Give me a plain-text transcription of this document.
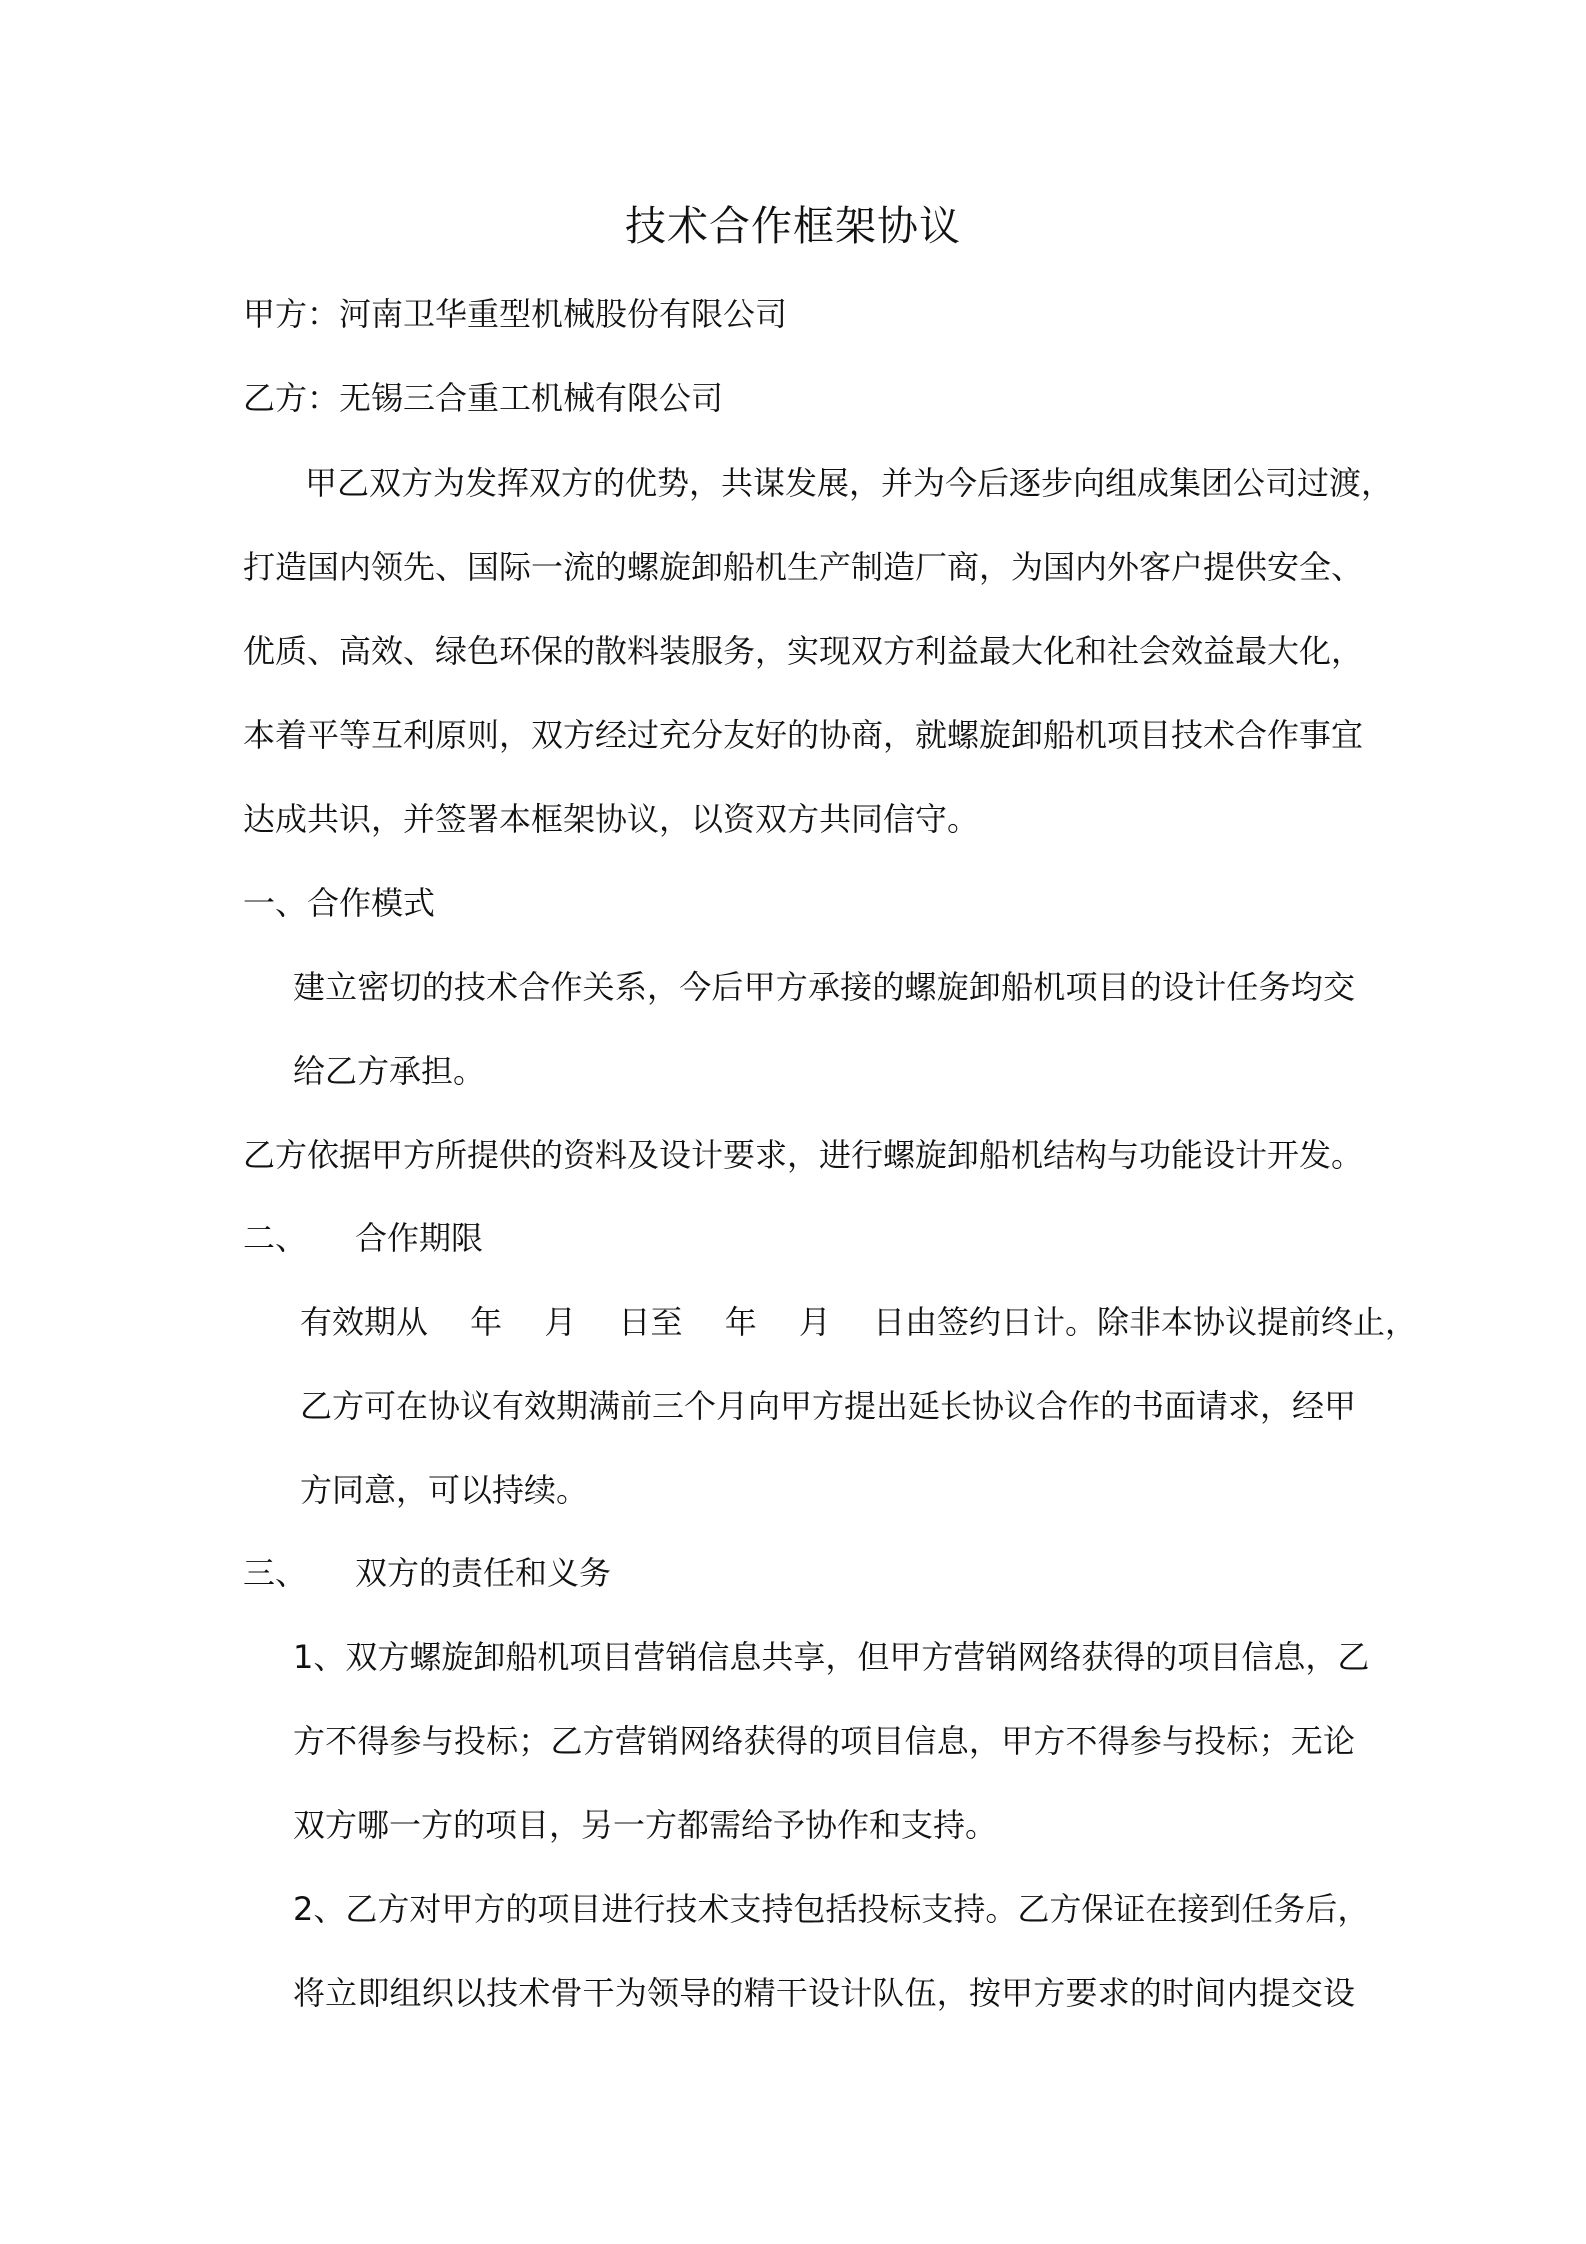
技术合作框架协议
甲方：河南卫华重型机械股份有限公司
乙方：无锡三合重工机械有限公司
甲乙双方为发挥双方的优势，共谋发展，并为今后逐步向组成集团公司过渡，
打造国内领先、国际一流的螺旋卸船机生产制造厂商，为国内外客户提供安全、
优质、高效、绿色环保的散料装服务，实现双方利益最大化和社会效益最大化，
本着平等互利原则，双方经过充分友好的协商，就螺旋卸船机项目技术合作事宜
达成共识，并签署本框架协议，以资双方共同信守。
一、合作模式
建立密切的技术合作关系，今后甲方承接的螺旋卸船机项目的设计任务均交
给乙方承担。
乙方依据甲方所提供的资料及设计要求，进行螺旋卸船机结构与功能设计开发。
二、 合作期限
有效期从　 年　 月　 日至　 年　 月　 日由签约日计。除非本协议提前终止，
乙方可在协议有效期满前三个月向甲方提出延长协议合作的书面请求，经甲
方同意，可以持续。
三、 双方的责任和义务
1、双方螺旋卸船机项目营销信息共享，但甲方营销网络获得的项目信息，乙
方不得参与投标；乙方营销网络获得的项目信息，甲方不得参与投标；无论
双方哪一方的项目，另一方都需给予协作和支持。
2、乙方对甲方的项目进行技术支持包括投标支持。乙方保证在接到任务后，
将立即组织以技术骨干为领导的精干设计队伍，按甲方要求的时间内提交设
